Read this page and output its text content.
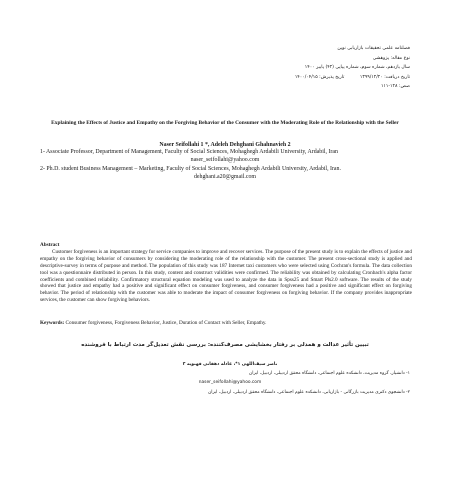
فصلنامه علمی تحقیقات بازاریابی نوین
نوع مقاله: پژوهشی
سال یازدهم، شماره سوم، شماره پیاپی (۴۲) پاییز ۱۴۰۰
تاریخ دریافت: ۱۳۹۹/۱۲/۲۰ تاریخ پذیرش: ۱۴۰۰/۰۴/۱۵
صص: ۱۲۸-۱۱۱
Explaining the Effects of Justice and Empathy on the Forgiving Behavior of the Consumer with the Moderating Role of the Relationship with the Seller
Naser Seifollahi 1 *, Adeleh Dehghani Ghahnavieh 2
1- Associate Professor, Department of Management, Faculty of Social Sciences, Mohaghegh Ardabili University, Ardabil, Iran
naser_seifollahi@yahoo.com
2- Ph.D. student Business Management – Marketing, Faculty of Social Sciences, Mohaghegh Ardabili University, Ardabil, Iran.
dehghani.a20@gmail.com
Abstract

Customer forgiveness is an important strategy for service companies to improve and recover services. The purpose of the present study is to explain the effects of justice and empathy on the forgiving behavior of consumers by considering the moderating role of the relationship with the customer. The present cross-sectional study is applied and descriptive-survey in terms of purpose and method. The population of this study was 187 Internet taxi customers who were selected using Cochran's formula. The data collection tool was a questionnaire distributed in person. In this study, content and construct validities were confirmed. The reliability was obtained by calculating Cronbach's alpha factor coefficients and combined reliability. Confirmatory structural equation modeling was used to analyze the data in Spss25 and Smart Pls2.0 software. The results of the study showed that justice and empathy had a positive and significant effect on consumer forgiveness, and consumer forgiveness had a positive and significant effect on forgiving behavior. The period of relationship with the customer was able to moderate the impact of consumer forgiveness on forgiving behavior. If the company provides inappropriate services, the customer can show forgiving behaviors.

Keywords: Consumer forgiveness, Forgiveness Behavior, Justice, Duration of Contact with Seller, Empathy.
تبیین تأثیر عدالت و همدلی بر رفتار بخشایشی مصرف‌کننده: بررسی نقش تعدیل‌گر مدت ارتباط با فروشنده
ناصر سیف‌اللهی ۱*، عادله دهقانی قهنویه ۲
۱- دانشیار، گروه مدیریت، دانشکده علوم اجتماعی، دانشگاه محقق اردبیلی، اردبیل، ایران
naser_seifollahi@yahoo.com
۲- دانشجوی دکتری مدیریت بازرگانی - بازاریابی، دانشکده علوم اجتماعی، دانشگاه محقق اردبیلی، اردبیل، ایران
